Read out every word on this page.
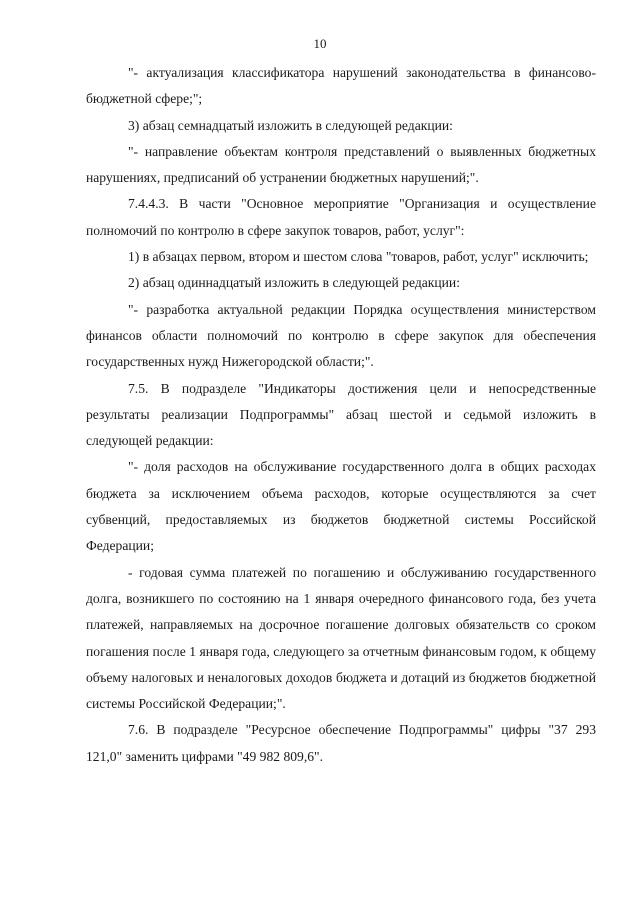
10

"- актуализация классификатора нарушений законодательства в финансово-бюджетной сфере;";

3) абзац семнадцатый изложить в следующей редакции:

"- направление объектам контроля представлений о выявленных бюджетных нарушениях, предписаний об устранении бюджетных нарушений;".

7.4.4.3. В части "Основное мероприятие "Организация и осуществление полномочий по контролю в сфере закупок товаров, работ, услуг":

1) в абзацах первом, втором и шестом слова "товаров, работ, услуг" исключить;

2) абзац одиннадцатый изложить в следующей редакции:

"- разработка актуальной редакции Порядка осуществления министерством финансов области полномочий по контролю в сфере закупок для обеспечения государственных нужд Нижегородской области;".

7.5. В подразделе "Индикаторы достижения цели и непосредственные результаты реализации Подпрограммы" абзац шестой и седьмой изложить в следующей редакции:

"- доля расходов на обслуживание государственного долга в общих расходах бюджета за исключением объема расходов, которые осуществляются за счет субвенций, предоставляемых из бюджетов бюджетной системы Российской Федерации;

- годовая сумма платежей по погашению и обслуживанию государственного долга, возникшего по состоянию на 1 января очередного финансового года, без учета платежей, направляемых на досрочное погашение долговых обязательств со сроком погашения после 1 января года, следующего за отчетным финансовым годом, к общему объему налоговых и неналоговых доходов бюджета и дотаций из бюджетов бюджетной системы Российской Федерации;".

7.6. В подразделе "Ресурсное обеспечение Подпрограммы" цифры "37 293 121,0" заменить цифрами "49 982 809,6".
